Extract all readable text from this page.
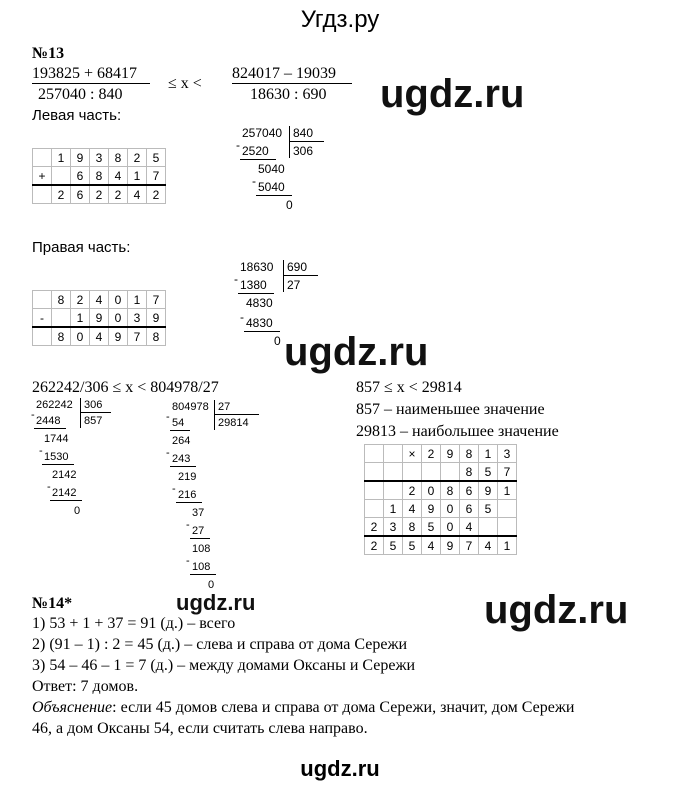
Угдз.ру
№13
193825 + 68417
257040 : 840
≤ x <
824017 – 19039
18630 : 690 ugdz.ru
Левая часть:
	1	9	3	8	2	5
+		6	8	4	1	7
	2	6	2	2	4	2
257040 840
306
- 2520
5040
- 5040
0
Правая часть:
	8	2	4	0	1	7
-		1	9	0	3	9
	8	0	4	9	7	8
18630 690
27
- 1380
4830
- 4830
0 ugdz.ru
262242/306 ≤ x < 804978/27
262242 306
857
- 2448
1744
- 1530
2142
- 2142
0
804978 27
29814
- 54
264
- 243
219
- 216
37
- 27
108
- 108
0
857 ≤ x < 29814
857 – наименьшее значение
29813 – наибольшее значение
		×	2	9	8	1	3
					8	5	7
		2	0	8	6	9	1
	1	4	9	0	6	5	
2	3	8	5	0	4		
2	5	5	4	9	7	4	1
№14*	ugdz.ru	ugdz.ru
1) 53 + 1 + 37 = 91 (д.) – всего
2) (91 – 1) : 2 = 45 (д.) – слева и справа от дома Сережи
3) 54 – 46 – 1 = 7 (д.) – между домами Оксаны и Сережи
Ответ: 7 домов.
Объяснение: если 45 домов слева и справа от дома Сережи, значит, дом Сережи
46, а дом Оксаны 54, если считать слева направо.
ugdz.ru
